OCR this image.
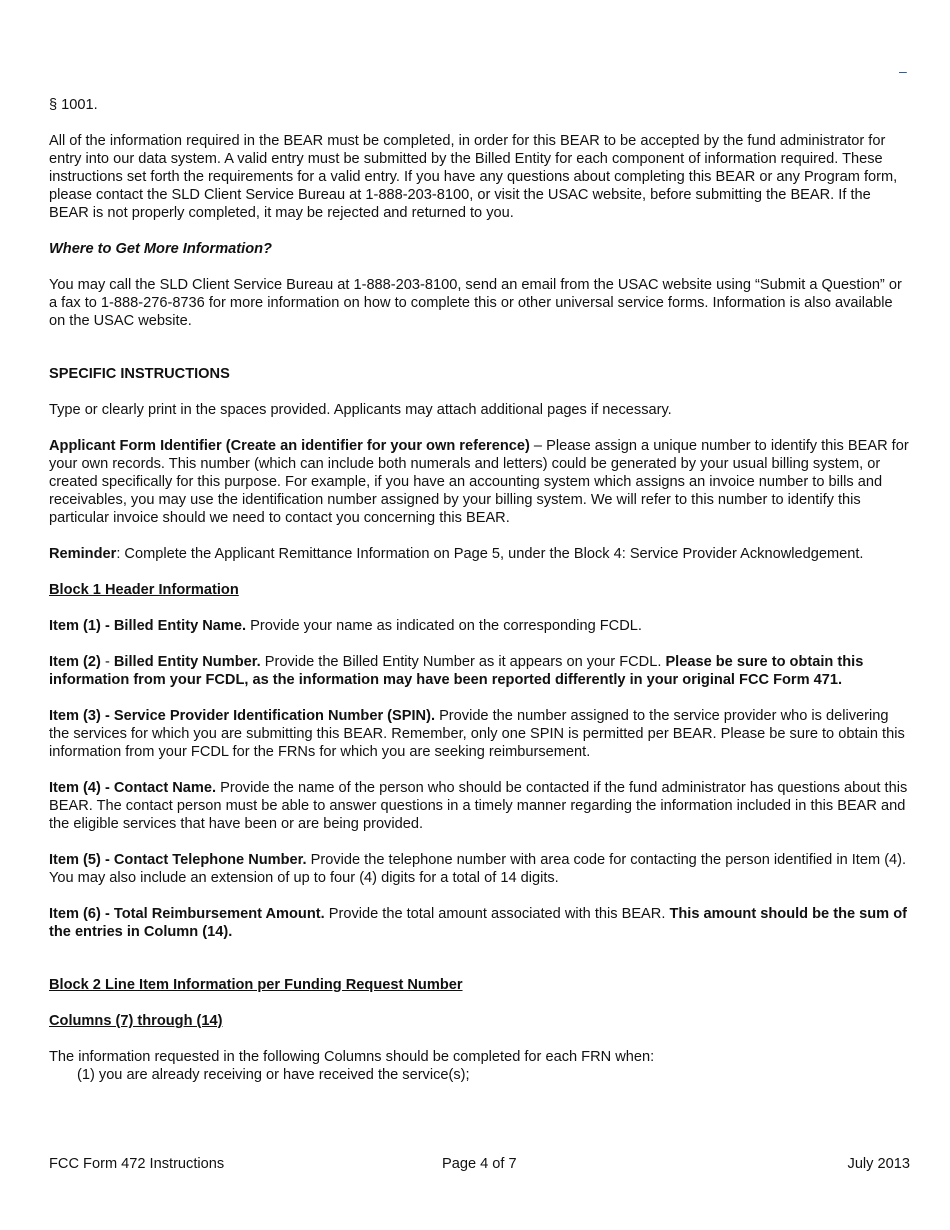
–

§ 1001.

All of the information required in the BEAR must be completed, in order for this BEAR to be accepted by the fund administrator for entry into our data system. A valid entry must be submitted by the Billed Entity for each component of information required. These instructions set forth the requirements for a valid entry. If you have any questions about completing this BEAR or any Program form, please contact the SLD Client Service Bureau at 1-888-203-8100, or visit the USAC website, before submitting the BEAR. If the BEAR is not properly completed, it may be rejected and returned to you.

Where to Get More Information?

You may call the SLD Client Service Bureau at 1-888-203-8100, send an email from the USAC website using “Submit a Question” or a fax to 1-888-276-8736 for more information on how to complete this or other universal service forms. Information is also available on the USAC website.

SPECIFIC INSTRUCTIONS

Type or clearly print in the spaces provided. Applicants may attach additional pages if necessary.

Applicant Form Identifier (Create an identifier for your own reference) – Please assign a unique number to identify this BEAR for your own records. This number (which can include both numerals and letters) could be generated by your usual billing system, or created specifically for this purpose. For example, if you have an accounting system which assigns an invoice number to bills and receivables, you may use the identification number assigned by your billing system. We will refer to this number to identify this particular invoice should we need to contact you concerning this BEAR.

Reminder: Complete the Applicant Remittance Information on Page 5, under the Block 4: Service Provider Acknowledgement.

Block 1 Header Information

Item (1) - Billed Entity Name. Provide your name as indicated on the corresponding FCDL.

Item (2) - Billed Entity Number. Provide the Billed Entity Number as it appears on your FCDL. Please be sure to obtain this information from your FCDL, as the information may have been reported differently in your original FCC Form 471.

Item (3) - Service Provider Identification Number (SPIN). Provide the number assigned to the service provider who is delivering the services for which you are submitting this BEAR. Remember, only one SPIN is permitted per BEAR. Please be sure to obtain this information from your FCDL for the FRNs for which you are seeking reimbursement.

Item (4) - Contact Name. Provide the name of the person who should be contacted if the fund administrator has questions about this BEAR. The contact person must be able to answer questions in a timely manner regarding the information included in this BEAR and the eligible services that have been or are being provided.

Item (5) - Contact Telephone Number. Provide the telephone number with area code for contacting the person identified in Item (4). You may also include an extension of up to four (4) digits for a total of 14 digits.

Item (6) - Total Reimbursement Amount. Provide the total amount associated with this BEAR. This amount should be the sum of the entries in Column (14).

Block 2 Line Item Information per Funding Request Number

Columns (7) through (14)

The information requested in the following Columns should be completed for each FRN when:

(1) you are already receiving or have received the service(s);

FCC Form 472 Instructions	Page 4 of 7	July 2013
